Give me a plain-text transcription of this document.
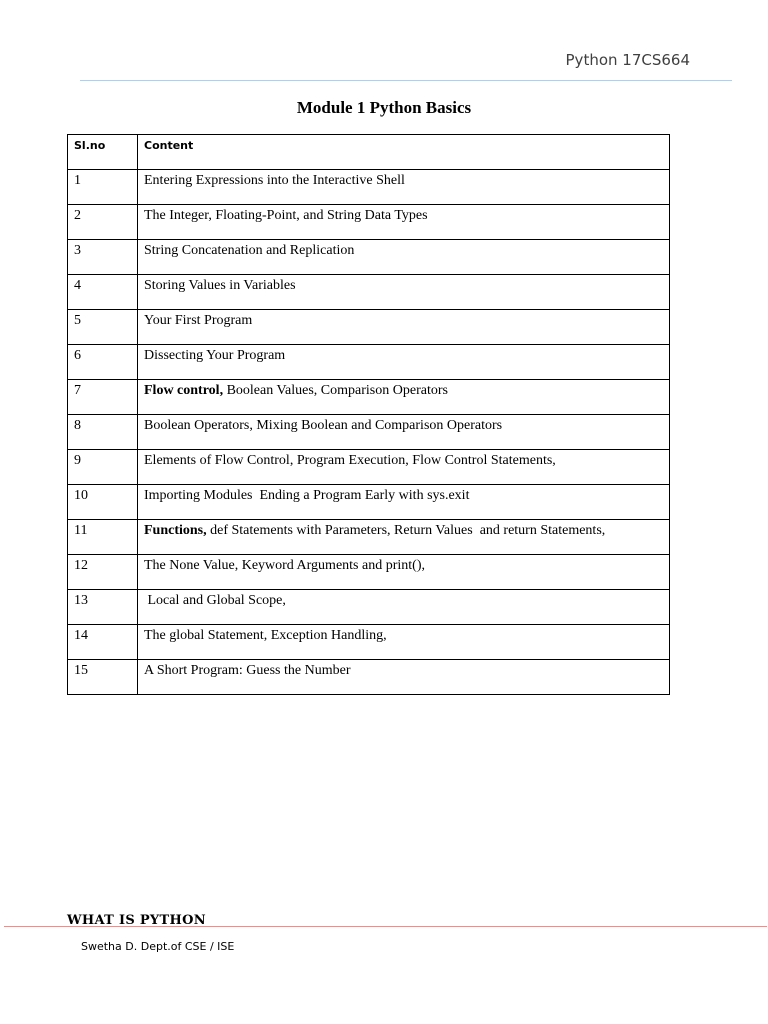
Python 17CS664
Module 1 Python Basics
Sl.no	Content
1	Entering Expressions into the Interactive Shell
2	The Integer, Floating-Point, and String Data Types
3	String Concatenation and Replication
4	Storing Values in Variables
5	Your First Program
6	Dissecting Your Program
7	Flow control, Boolean Values, Comparison Operators
8	Boolean Operators, Mixing Boolean and Comparison Operators
9	Elements of Flow Control, Program Execution, Flow Control Statements,
10	Importing Modules  Ending a Program Early with sys.exit
11	Functions, def Statements with Parameters, Return Values  and return Statements,
12	The None Value, Keyword Arguments and print(),
13	Local and Global Scope,
14	The global Statement, Exception Handling,
15	A Short Program: Guess the Number
WHAT IS PYTHON
Swetha D. Dept.of CSE / ISE
